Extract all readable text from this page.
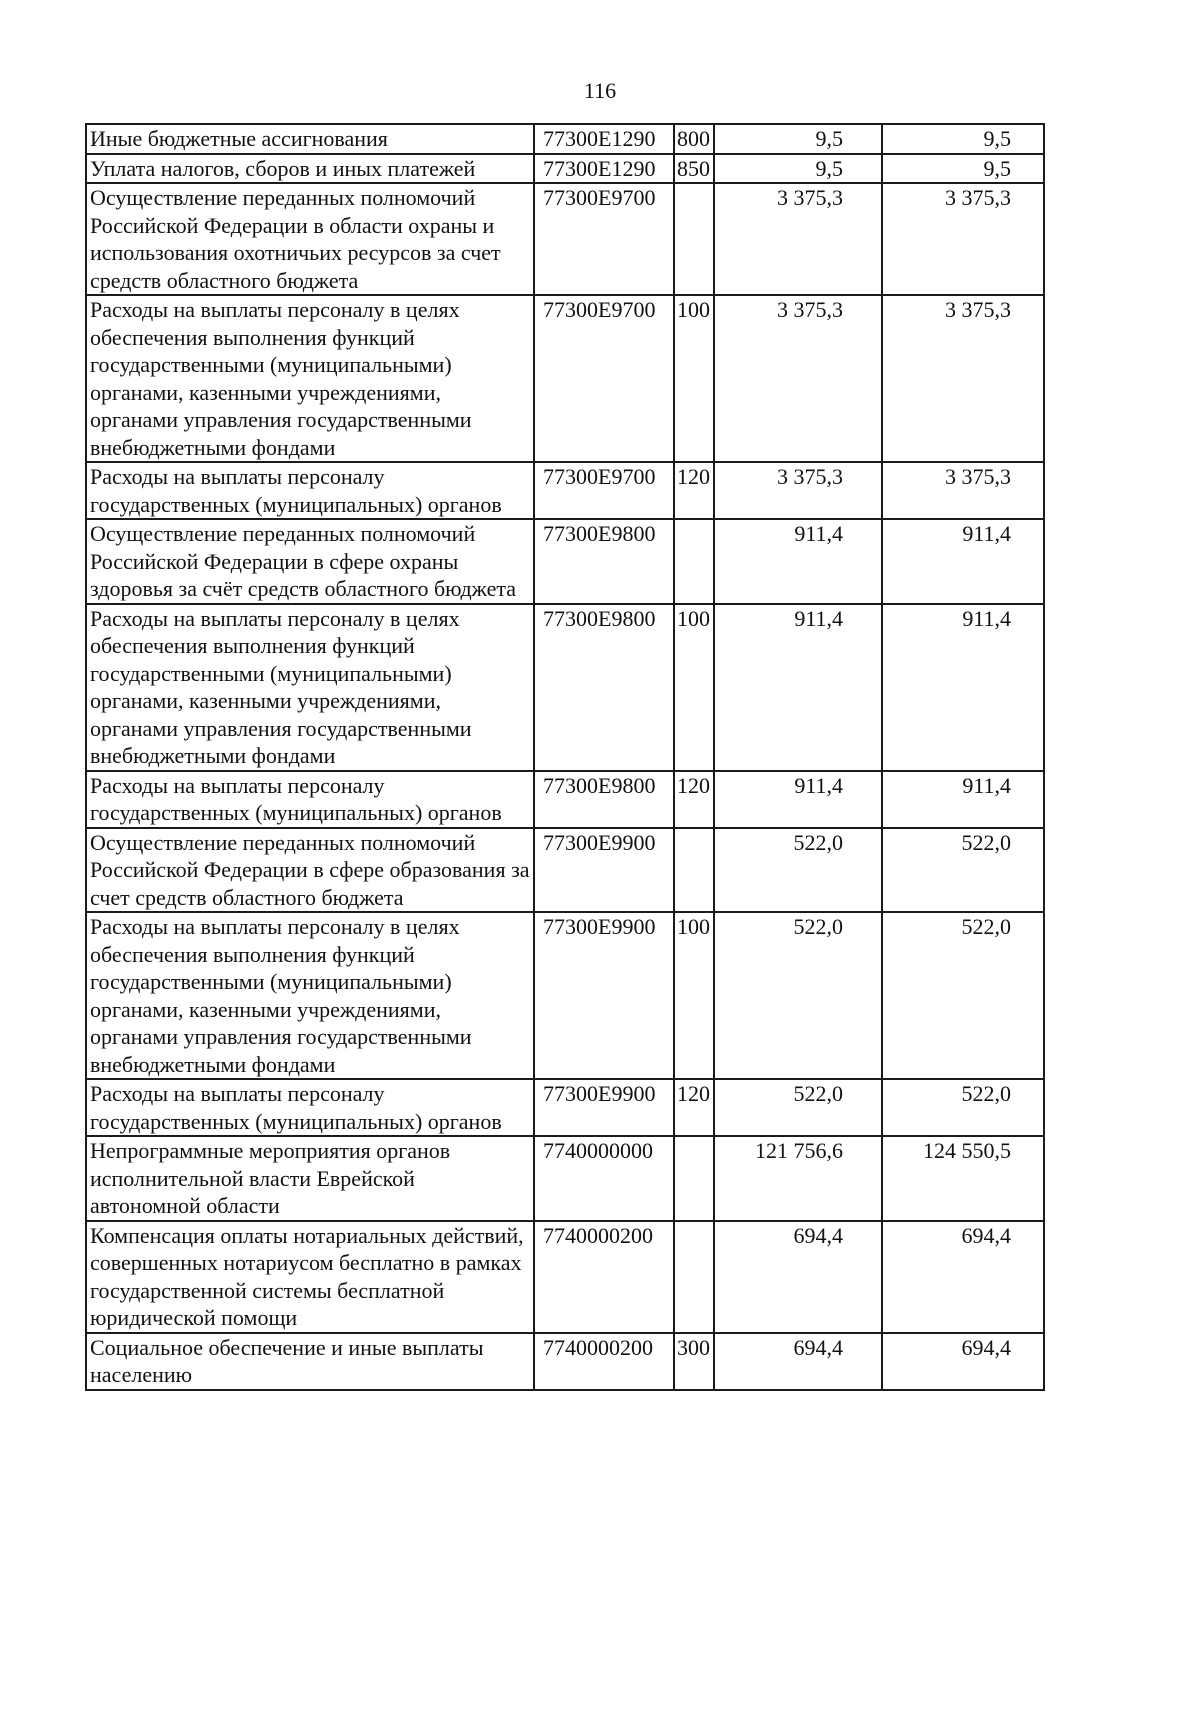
116
Иные бюджетные ассигнования	77300E1290	800	9,5	9,5
Уплата налогов, сборов и иных платежей	77300E1290	850	9,5	9,5
Осуществление переданных полномочий Российской Федерации в области охраны и использования охотничьих ресурсов за счет средств областного бюджета	77300E9700		3 375,3	3 375,3
Расходы на выплаты персоналу в целях обеспечения выполнения функций государственными (муниципальными) органами, казенными учреждениями, органами управления государственными внебюджетными фондами	77300E9700	100	3 375,3	3 375,3
Расходы на выплаты персоналу государственных (муниципальных) органов	77300E9700	120	3 375,3	3 375,3
Осуществление переданных полномочий Российской Федерации в сфере охраны здоровья за счёт средств областного бюджета	77300E9800		911,4	911,4
Расходы на выплаты персоналу в целях обеспечения выполнения функций государственными (муниципальными) органами, казенными учреждениями, органами управления государственными внебюджетными фондами	77300E9800	100	911,4	911,4
Расходы на выплаты персоналу государственных (муниципальных) органов	77300E9800	120	911,4	911,4
Осуществление переданных полномочий Российской Федерации в сфере образования за счет средств областного бюджета	77300E9900		522,0	522,0
Расходы на выплаты персоналу в целях обеспечения выполнения функций государственными (муниципальными) органами, казенными учреждениями, органами управления государственными внебюджетными фондами	77300E9900	100	522,0	522,0
Расходы на выплаты персоналу государственных (муниципальных) органов	77300E9900	120	522,0	522,0
Непрограммные мероприятия органов исполнительной власти Еврейской автономной области	7740000000		121 756,6	124 550,5
Компенсация оплаты нотариальных действий, совершенных нотариусом бесплатно в рамках государственной системы бесплатной юридической помощи	7740000200		694,4	694,4
Социальное обеспечение и иные выплаты населению	7740000200	300	694,4	694,4
